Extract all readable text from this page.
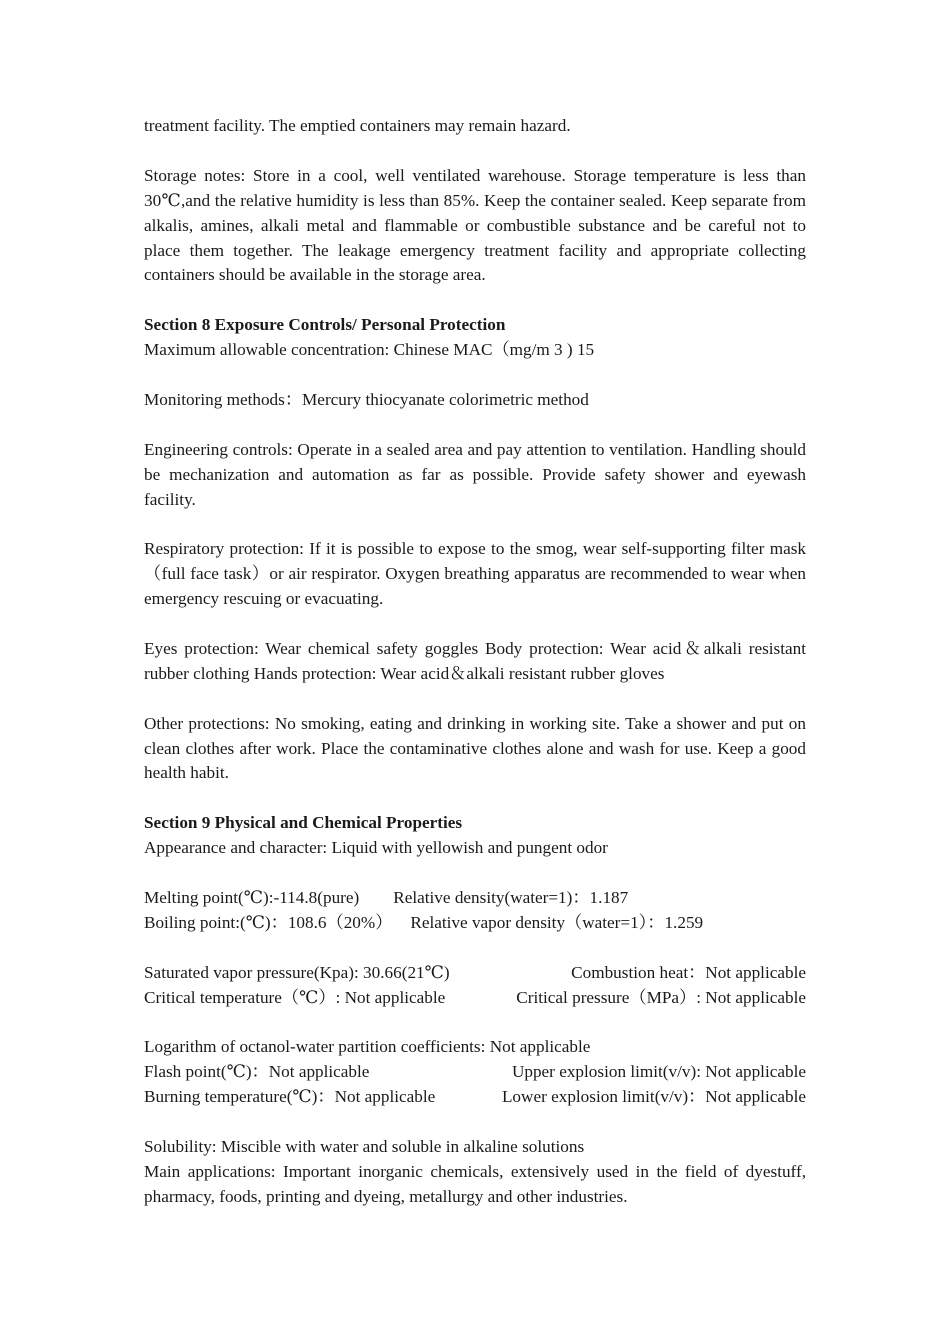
treatment facility. The emptied containers may remain hazard.

Storage notes: Store in a cool, well ventilated warehouse. Storage temperature is less than 30℃,and the relative humidity is less than 85%. Keep the container sealed. Keep separate from alkalis, amines, alkali metal and flammable or combustible substance and be careful not to place them together. The leakage emergency treatment facility and appropriate collecting containers should be available in the storage area.

Section 8 Exposure Controls/ Personal Protection

Maximum allowable concentration: Chinese MAC（mg/m 3 ) 15

Monitoring methods：Mercury thiocyanate colorimetric method

Engineering controls: Operate in a sealed area and pay attention to ventilation. Handling should be mechanization and automation as far as possible. Provide safety shower and eyewash facility.

Respiratory protection: If it is possible to expose to the smog, wear self-supporting filter mask（full face task）or air respirator. Oxygen breathing apparatus are recommended to wear when emergency rescuing or evacuating.

Eyes protection: Wear chemical safety goggles Body protection: Wear acid＆alkali resistant rubber clothing Hands protection: Wear acid＆alkali resistant rubber gloves

Other protections: No smoking, eating and drinking in working site. Take a shower and put on clean clothes after work. Place the contaminative clothes alone and wash for use. Keep a good health habit.

Section 9 Physical and Chemical Properties

Appearance and character: Liquid with yellowish and pungent odor

Melting point(℃):-114.8(pure) Relative density(water=1)：1.187
Boiling point:(℃)：108.6（20%） Relative vapor density（water=1）：1.259
Saturated vapor pressure(Kpa): 30.66(21℃)	Combustion heat：Not applicable
Critical temperature（℃）: Not applicable	Critical pressure（MPa）: Not applicable

Logarithm of octanol-water partition coefficients: Not applicable

Flash point(℃)：Not applicable	Upper explosion limit(v/v): Not applicable
Burning temperature(℃)：Not applicable	Lower explosion limit(v/v)：Not applicable

Solubility: Miscible with water and soluble in alkaline solutions

Main applications: Important inorganic chemicals, extensively used in the field of dyestuff, pharmacy, foods, printing and dyeing, metallurgy and other industries.
